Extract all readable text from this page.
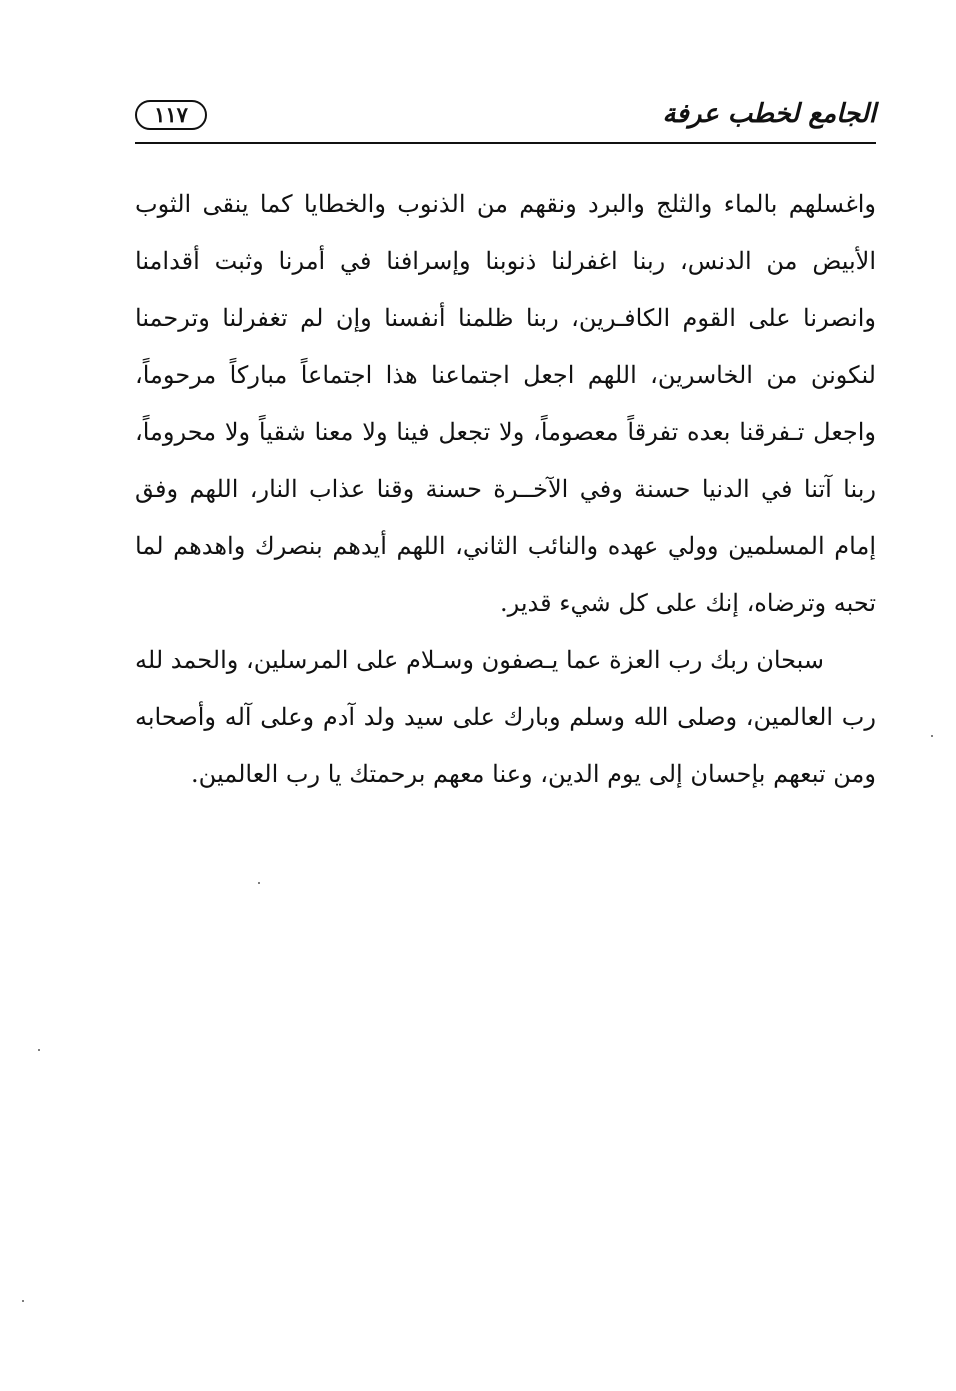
الجامع لخطب عرفة
١١٧

واغسلهم بالماء والثلج والبرد ونقهم من الذنوب والخطايا كما ينقى الثوب الأبيض من الدنس، ربنا اغفرلنا ذنوبنا وإسرافنا في أمرنا وثبت أقدامنا وانصرنا على القوم الكافـرين، ربنا ظلمنا أنفسنا وإن لم تغفرلنا وترحمنا لنكونن من الخاسرين، اللهم اجعل اجتماعنا هذا اجتماعاً مباركاً مرحوماً، واجعل تـفرقنا بعده تفرقاً معصوماً، ولا تجعل فينا ولا معنا شقياً ولا محروماً، ربنا آتنا في الدنيا حسنة وفي الآخــرة حسنة وقنا عذاب النار، اللهم وفق إمام المسلمين وولي عهده والنائب الثاني، اللهم أيدهم بنصرك واهدهم لما تحبه وترضاه، إنك على كل شيء قدير.

سبحان ربك رب العزة عما يـصفون وسـلام على المرسلين، والحمد لله رب العالمين، وصلى الله وسلم وبارك على سيد ولد آدم وعلى آله وأصحابه ومن تبعهم بإحسان إلى يوم الدين، وعنا معهم برحمتك يا رب العالمين.
